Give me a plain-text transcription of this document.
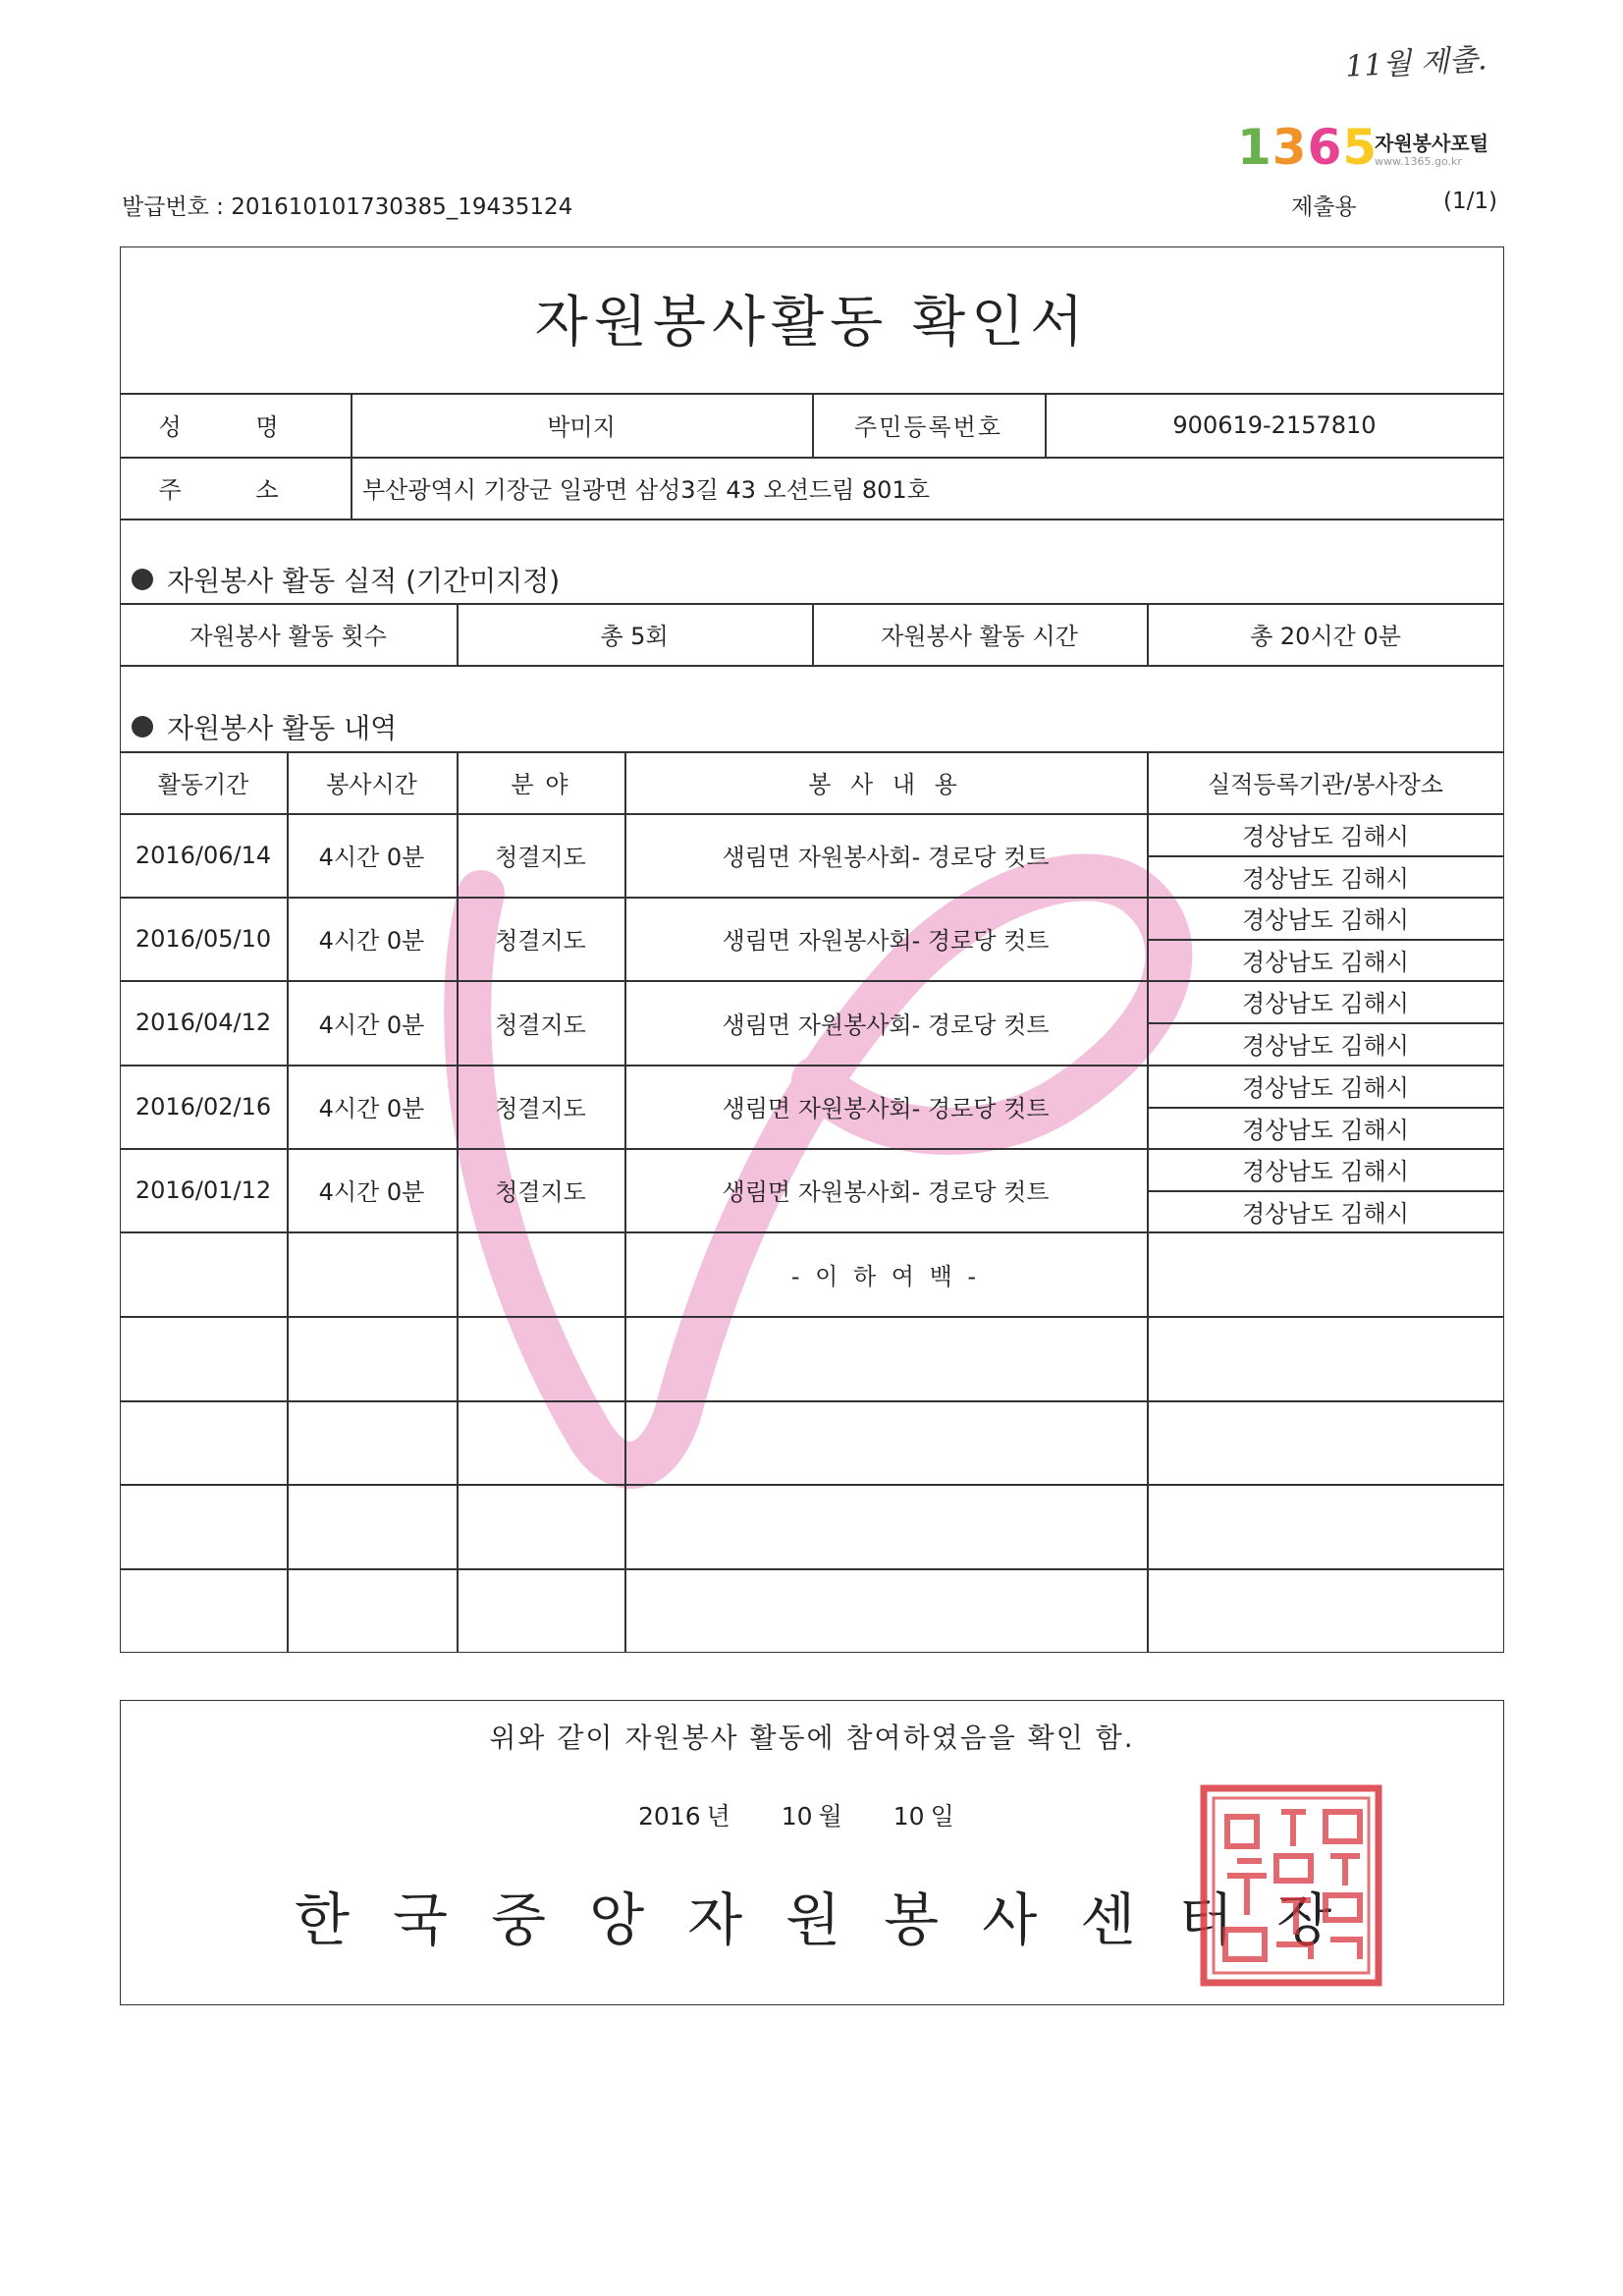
11월 제출.
1365
자원봉사포털
www.1365.go.kr
발급번호 : 201610101730385_19435124	제출용	(1/1)
자원봉사활동 확인서
성 명	박미지	주민등록번호	900619-2157810
주 소	부산광역시 기장군 일광면 삼성3길 43 오션드림 801호
자원봉사 활동 실적 (기간미지정)
자원봉사 활동 횟수	총 5회	자원봉사 활동 시간	총 20시간 0분
자원봉사 활동 내역
활동기간	봉사시간	분 야	봉 사 내 용	실적등록기관/봉사장소
2016/06/14	4시간 0분	청결지도	생림면 자원봉사회- 경로당 컷트
경상남도 김해시
경상남도 김해시
2016/05/10	4시간 0분	청결지도	생림면 자원봉사회- 경로당 컷트
경상남도 김해시
경상남도 김해시
2016/04/12	4시간 0분	청결지도	생림면 자원봉사회- 경로당 컷트
경상남도 김해시
경상남도 김해시
2016/02/16	4시간 0분	청결지도	생림면 자원봉사회- 경로당 컷트
경상남도 김해시
경상남도 김해시
2016/01/12	4시간 0분	청결지도	생림면 자원봉사회- 경로당 컷트
경상남도 김해시
경상남도 김해시
- 이 하 여 백 -
위와 같이 자원봉사 활동에 참여하였음을 확인 함.
2016 년 10 월 10 일
한국중앙자원봉사센터장
